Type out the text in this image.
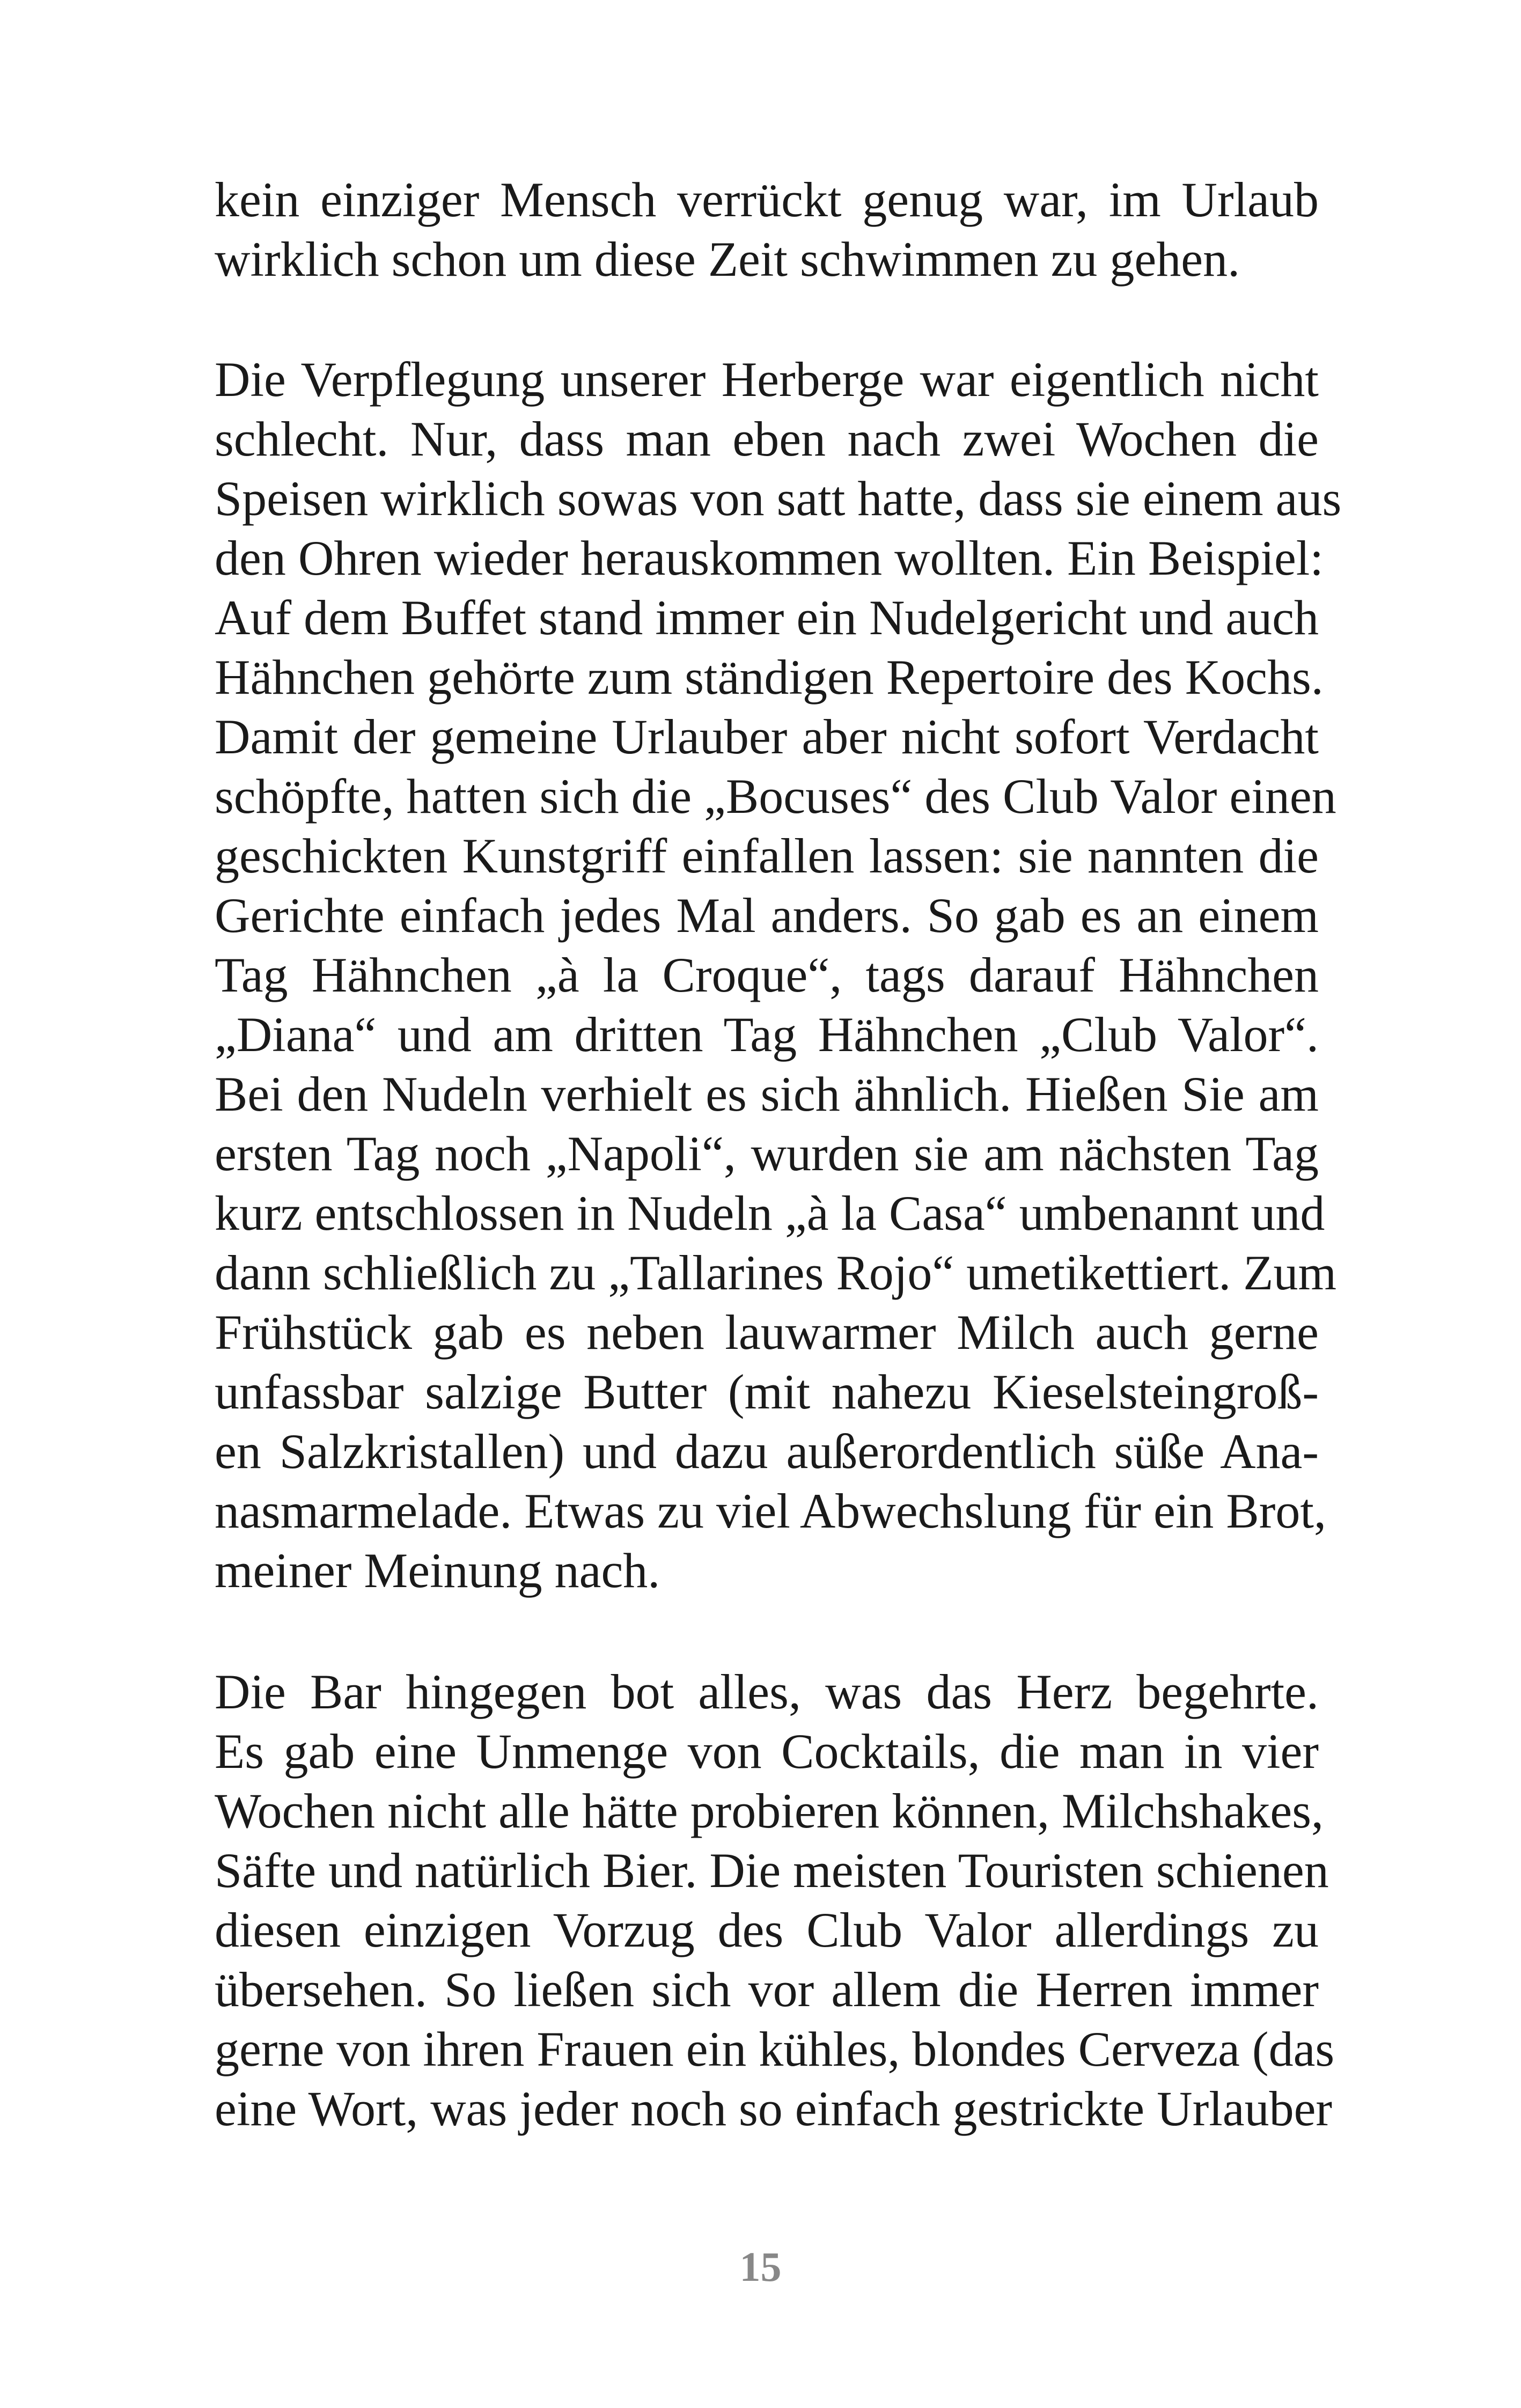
kein einziger Mensch verrückt genug war, im Urlaub
wirklich schon um diese Zeit schwimmen zu gehen.
Die Verpflegung unserer Herberge war eigentlich nicht
schlecht. Nur, dass man eben nach zwei Wochen die
Speisen wirklich sowas von satt hatte, dass sie einem aus
den Ohren wieder herauskommen wollten. Ein Beispiel:
Auf dem Buffet stand immer ein Nudelgericht und auch
Hähnchen gehörte zum ständigen Repertoire des Kochs.
Damit der gemeine Urlauber aber nicht sofort Verdacht
schöpfte, hatten sich die „Bocuses“ des Club Valor einen
geschickten Kunstgriff einfallen lassen: sie nannten die
Gerichte einfach jedes Mal anders. So gab es an einem
Tag Hähnchen „à la Croque“, tags darauf Hähnchen
„Diana“ und am dritten Tag Hähnchen „Club Valor“.
Bei den Nudeln verhielt es sich ähnlich. Hießen Sie am
ersten Tag noch „Napoli“, wurden sie am nächsten Tag
kurz entschlossen in Nudeln „à la Casa“ umbenannt und
dann schließlich zu „Tallarines Rojo“ umetikettiert. Zum
Frühstück gab es neben lauwarmer Milch auch gerne
unfassbar salzige Butter (mit nahezu Kieselsteingroß-
en Salzkristallen) und dazu außerordentlich süße Ana-
nasmarmelade. Etwas zu viel Abwechslung für ein Brot,
meiner Meinung nach.
Die Bar hingegen bot alles, was das Herz begehrte.
Es gab eine Unmenge von Cocktails, die man in vier
Wochen nicht alle hätte probieren können, Milchshakes,
Säfte und natürlich Bier. Die meisten Touristen schienen
diesen einzigen Vorzug des Club Valor allerdings zu
übersehen. So ließen sich vor allem die Herren immer
gerne von ihren Frauen ein kühles, blondes Cerveza (das
eine Wort, was jeder noch so einfach gestrickte Urlauber
15
